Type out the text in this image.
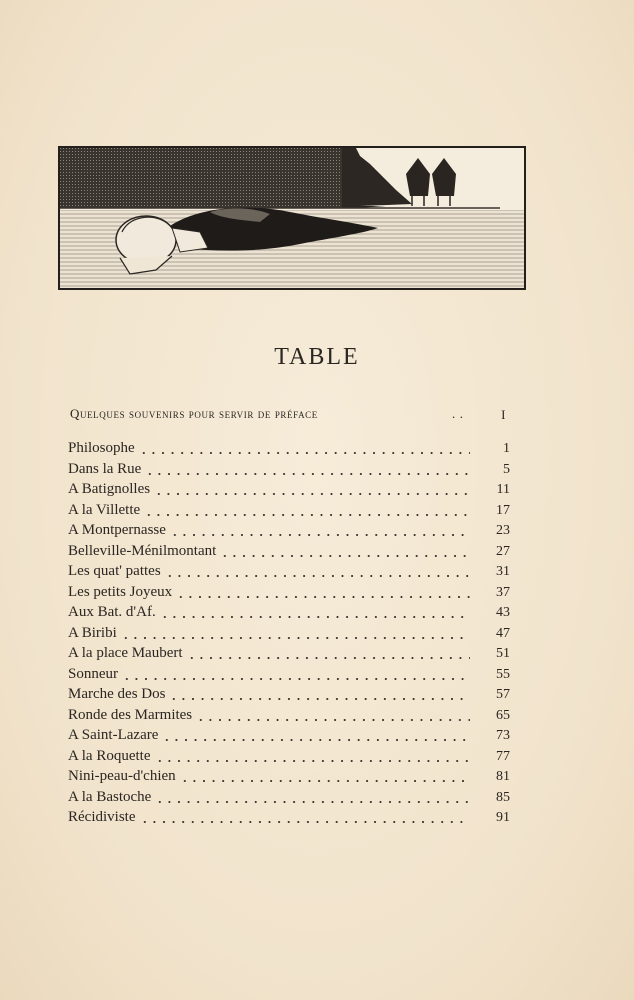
TABLE
Quelques souvenirs pour servir de préface	. .	I
Philosophe	1
Dans la Rue	5
A Batignolles	11
A la Villette	17
A Montpernasse	23
Belleville-Ménilmontant	27
Les quat' pattes	31
Les petits Joyeux	37
Aux Bat. d'Af.	43
A Biribi	47
A la place Maubert	51
Sonneur	55
Marche des Dos	57
Ronde des Marmites	65
A Saint-Lazare	73
A la Roquette	77
Nini-peau-d'chien	81
A la Bastoche	85
Récidiviste	91
